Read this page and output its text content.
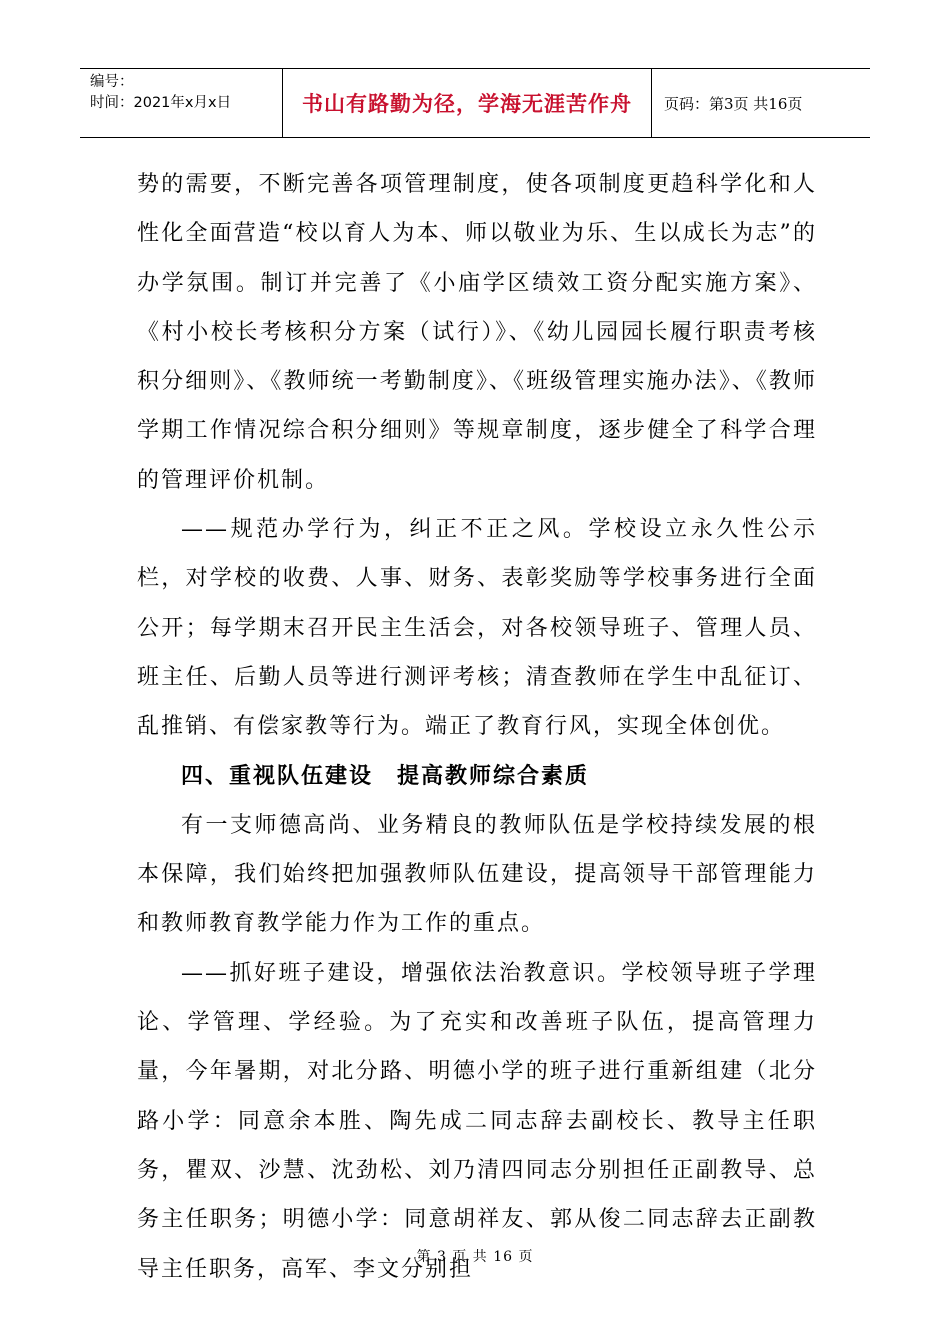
编号：
时间：2021年x月x日	书山有路勤为径，学海无涯苦作舟 页码：第3页 共16页

势的需要，不断完善各项管理制度，使各项制度更趋科学化和人性化全面营造“校以育人为本、师以敬业为乐、生以成长为志”的办学氛围。制订并完善了《小庙学区绩效工资分配实施方案》、《村小校长考核积分方案（试行）》、《幼儿园园长履行职责考核积分细则》、《教师统一考勤制度》、《班级管理实施办法》、《教师学期工作情况综合积分细则》等规章制度，逐步健全了科学合理的管理评价机制。

——规范办学行为，纠正不正之风。学校设立永久性公示栏，对学校的收费、人事、财务、表彰奖励等学校事务进行全面公开；每学期末召开民主生活会，对各校领导班子、管理人员、班主任、后勤人员等进行测评考核；清查教师在学生中乱征订、乱推销、有偿家教等行为。端正了教育行风，实现全体创优。

四、重视队伍建设　提高教师综合素质

有一支师德高尚、业务精良的教师队伍是学校持续发展的根本保障，我们始终把加强教师队伍建设，提高领导干部管理能力和教师教育教学能力作为工作的重点。

——抓好班子建设，增强依法治教意识。学校领导班子学理论、学管理、学经验。为了充实和改善班子队伍，提高管理力量，今年暑期，对北分路、明德小学的班子进行重新组建（北分路小学：同意余本胜、陶先成二同志辞去副校长、教导主任职务，瞿双、沙慧、沈劲松、刘乃清四同志分别担任正副教导、总务主任职务；明德小学：同意胡祥友、郭从俊二同志辞去正副教导主任职务，高军、李文分别担

第 3 页 共 16 页
